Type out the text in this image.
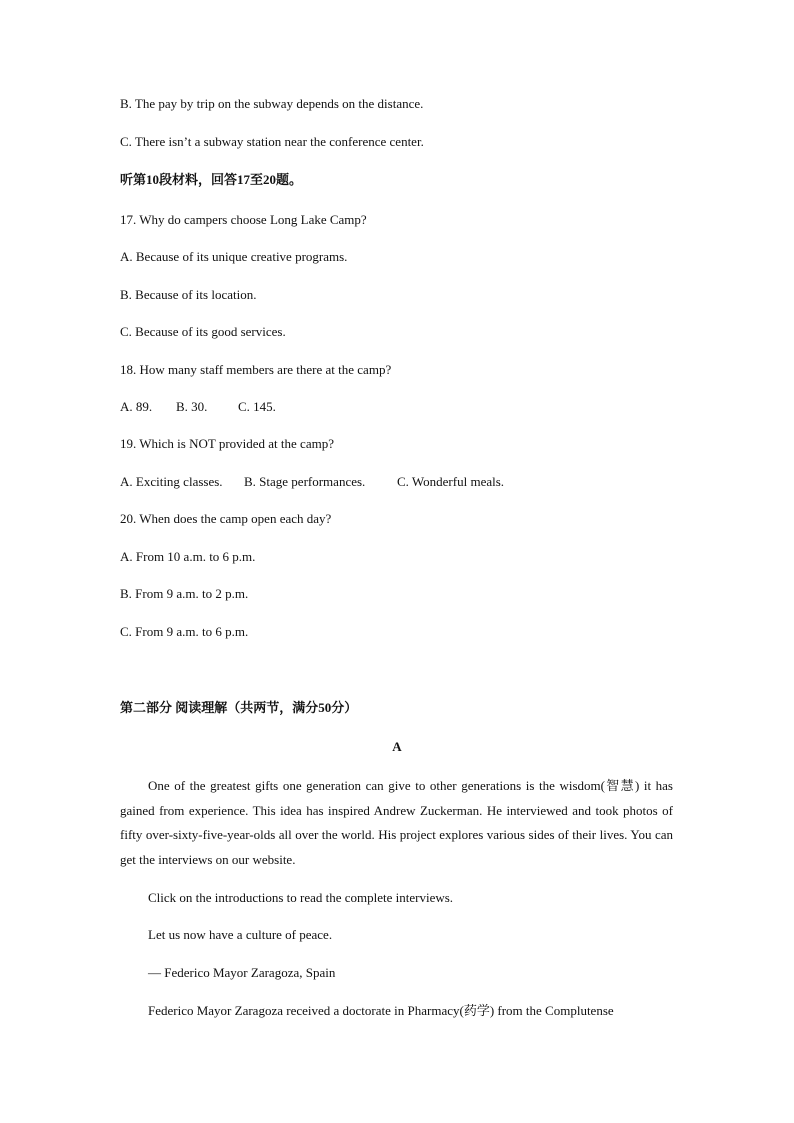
B. The pay by trip on the subway depends on the distance.
C. There isn’t a subway station near the conference center.
听第10段材料，回答17至20题。
17. Why do campers choose Long Lake Camp?
A. Because of its unique creative programs.
B. Because of its location.
C. Because of its good services.
18. How many staff members are there at the camp?
A. 89. B. 30. C. 145.
19. Which is NOT provided at the camp?
A. Exciting classes. B. Stage performances. C. Wonderful meals.
20. When does the camp open each day?
A. From 10 a.m. to 6 p.m.
B. From 9 a.m. to 2 p.m.
C. From 9 a.m. to 6 p.m.
第二部分 阅读理解（共两节，满分50分）
A
One of the greatest gifts one generation can give to other generations is the wisdom(智慧) it has gained from experience. This idea has inspired Andrew Zuckerman. He interviewed and took photos of fifty over-sixty-five-year-olds all over the world. His project explores various sides of their lives. You can get the interviews on our website.
Click on the introductions to read the complete interviews.
Let us now have a culture of peace.
— Federico Mayor Zaragoza, Spain
Federico Mayor Zaragoza received a doctorate in Pharmacy(药学) from the Complutense
